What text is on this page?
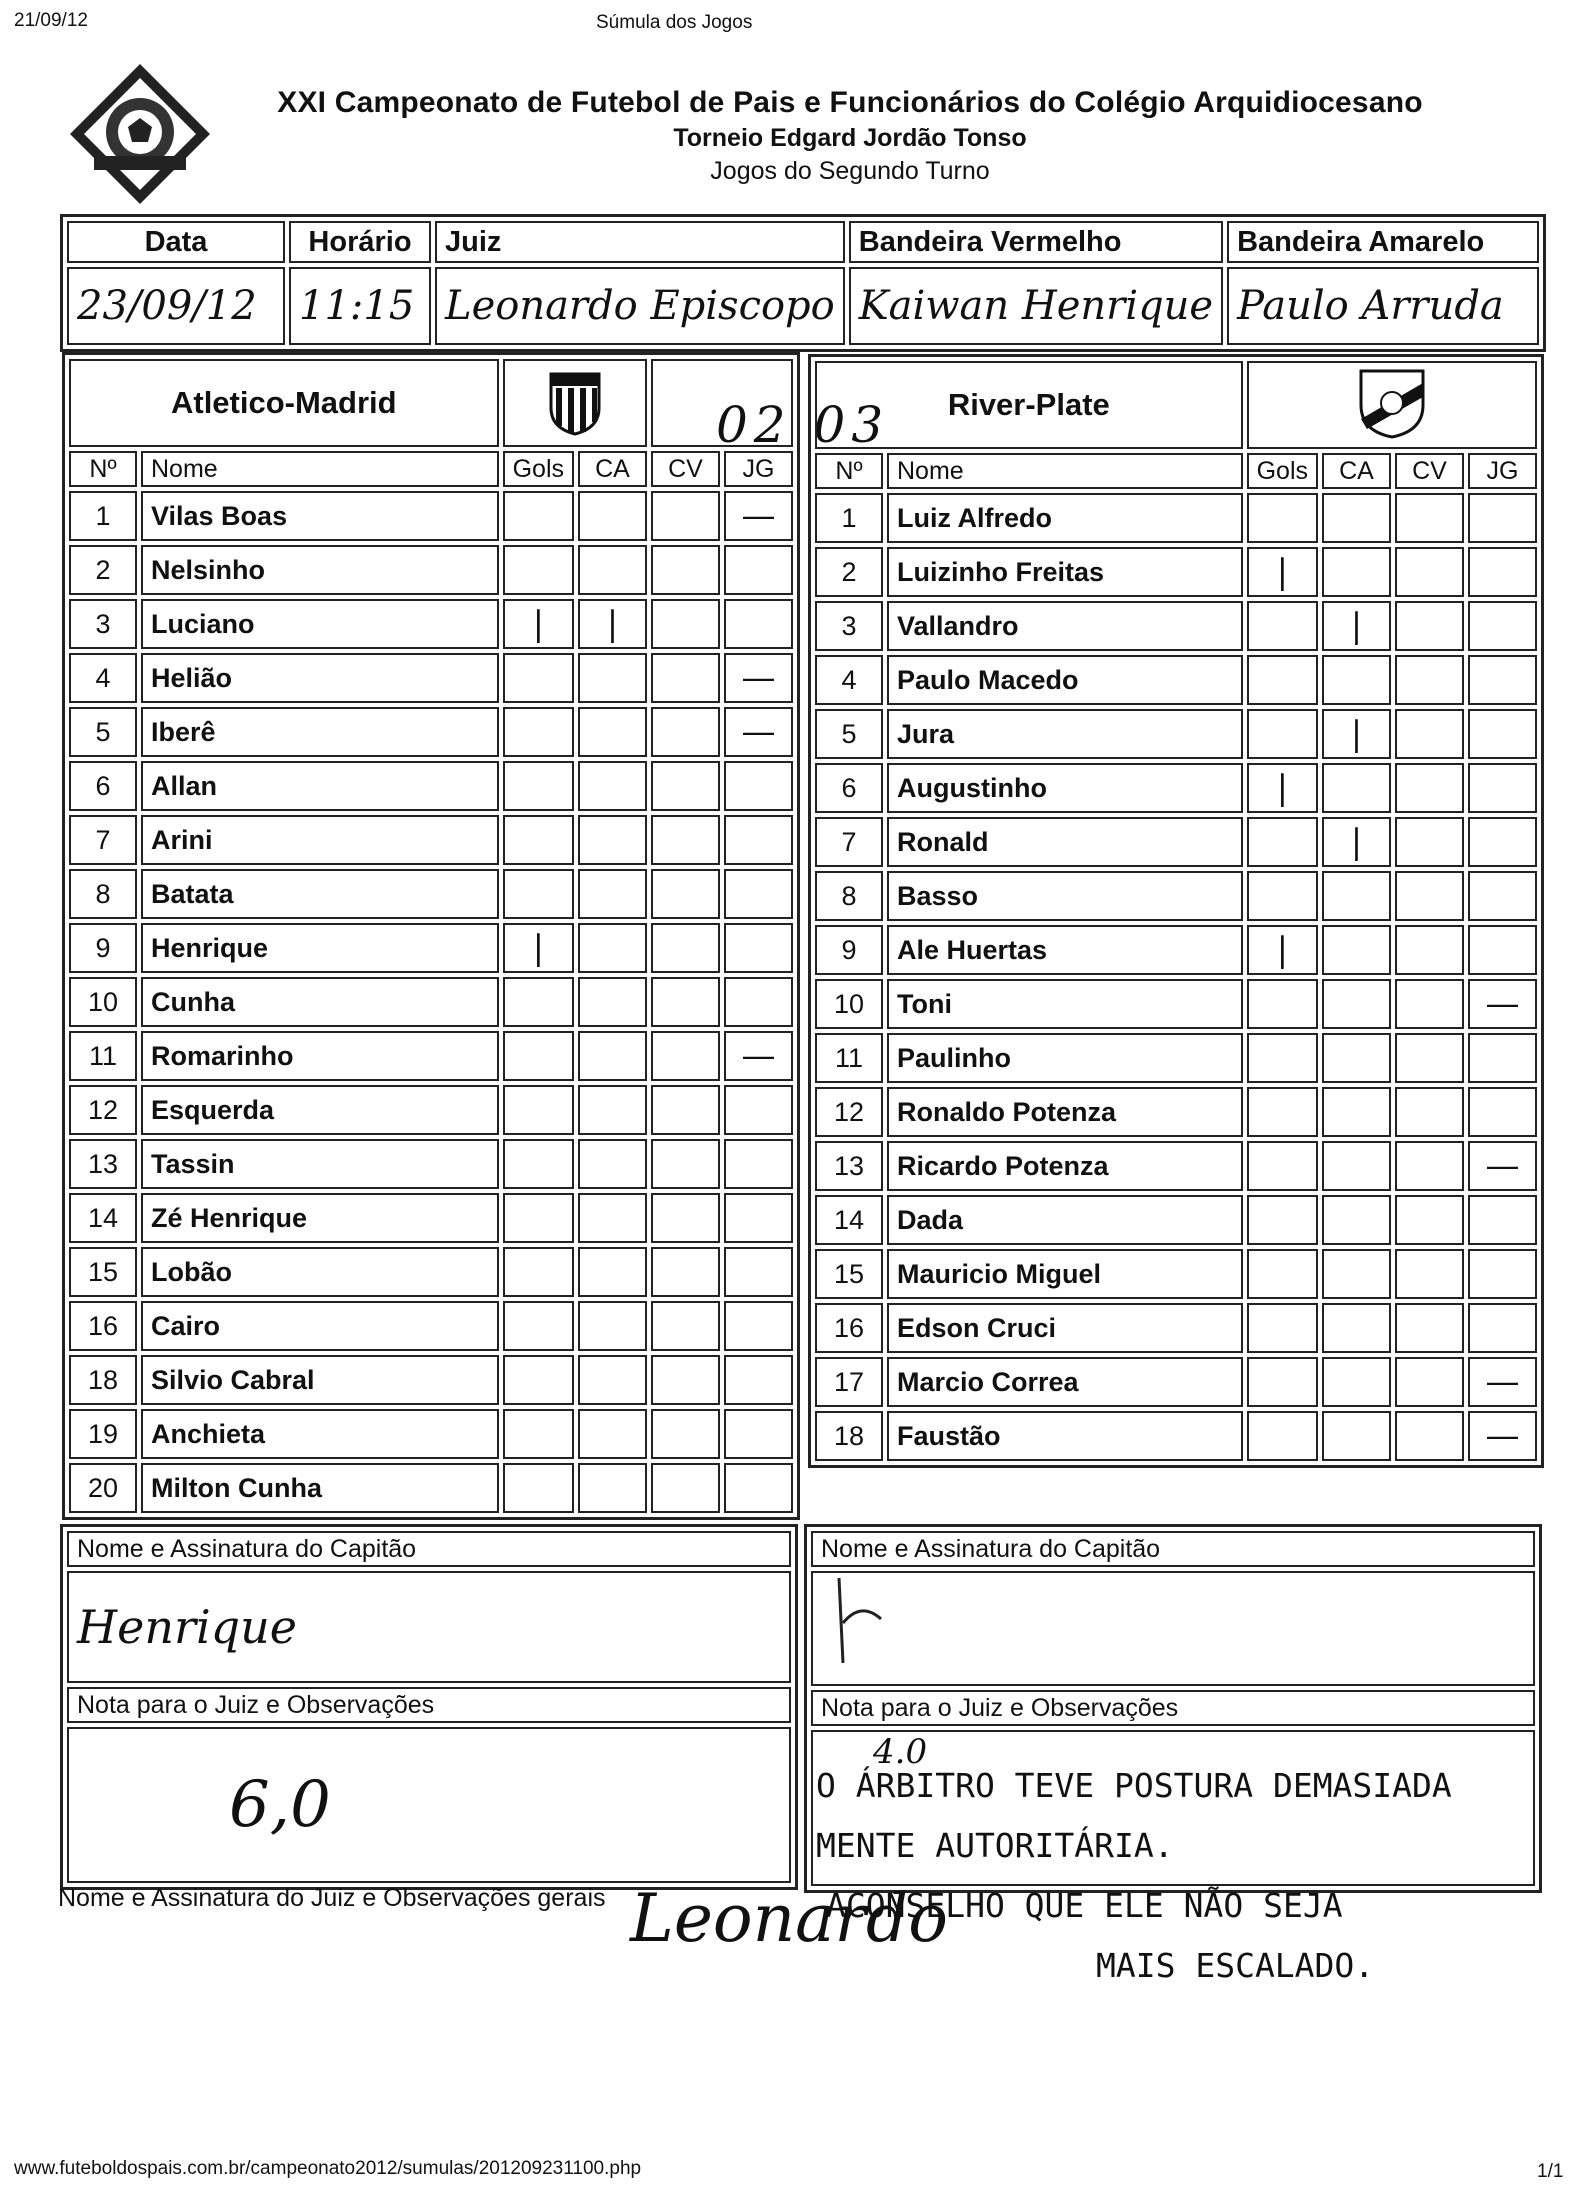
21/09/12	Súmula dos Jogos
XXI Campeonato de Futebol de Pais e Funcionários do Colégio Arquidiocesano
Torneio Edgard Jordão Tonso
Jogos do Segundo Turno
Data	Horário	Juiz	Bandeira Vermelho	Bandeira Amarelo
23/09/12	11:15	Leonardo Episcopo	Kaiwan Henrique	Paulo Arruda
Atletico-Madrid		
Nº	Nome	Gols	CA	CV	JG
1	Vilas Boas				—
2	Nelsinho				
3	Luciano	|	|		
4	Helião				—
5	Iberê				—
6	Allan				
7	Arini				
8	Batata				
9	Henrique	|			
10	Cunha				
11	Romarinho				—
12	Esquerda				
13	Tassin				
14	Zé Henrique				
15	Lobão				
16	Cairo				
18	Silvio Cabral				
19	Anchieta				
20	Milton Cunha				
02 03 River-Plate	
Nº	Nome	Gols	CA	CV	JG
1	Luiz Alfredo				
2	Luizinho Freitas	|			
3	Vallandro		|		
4	Paulo Macedo				
5	Jura		|		
6	Augustinho	|			
7	Ronald		|		
8	Basso				
9	Ale Huertas	|			
10	Toni				—
11	Paulinho				
12	Ronaldo Potenza				
13	Ricardo Potenza				—
14	Dada				
15	Mauricio Miguel				
16	Edson Cruci				
17	Marcio Correa				—
18	Faustão				—
Nome e Assinatura do Capitão
Henrique
Nota para o Juiz e Observações
6,0
Nome e Assinatura do Capitão

Nota para o Juiz e Observações

4.0
O ÁRBITRO TEVE POSTURA DEMASIADA
MENTE AUTORITÁRIA.
ACONSELHO QUE ELE NÃO SEJA
MAIS ESCALADO.
Nome e Assinatura do Juiz e Observações gerais Leonardo
www.futeboldospais.com.br/campeonato2012/sumulas/201209231100.php	1/1
